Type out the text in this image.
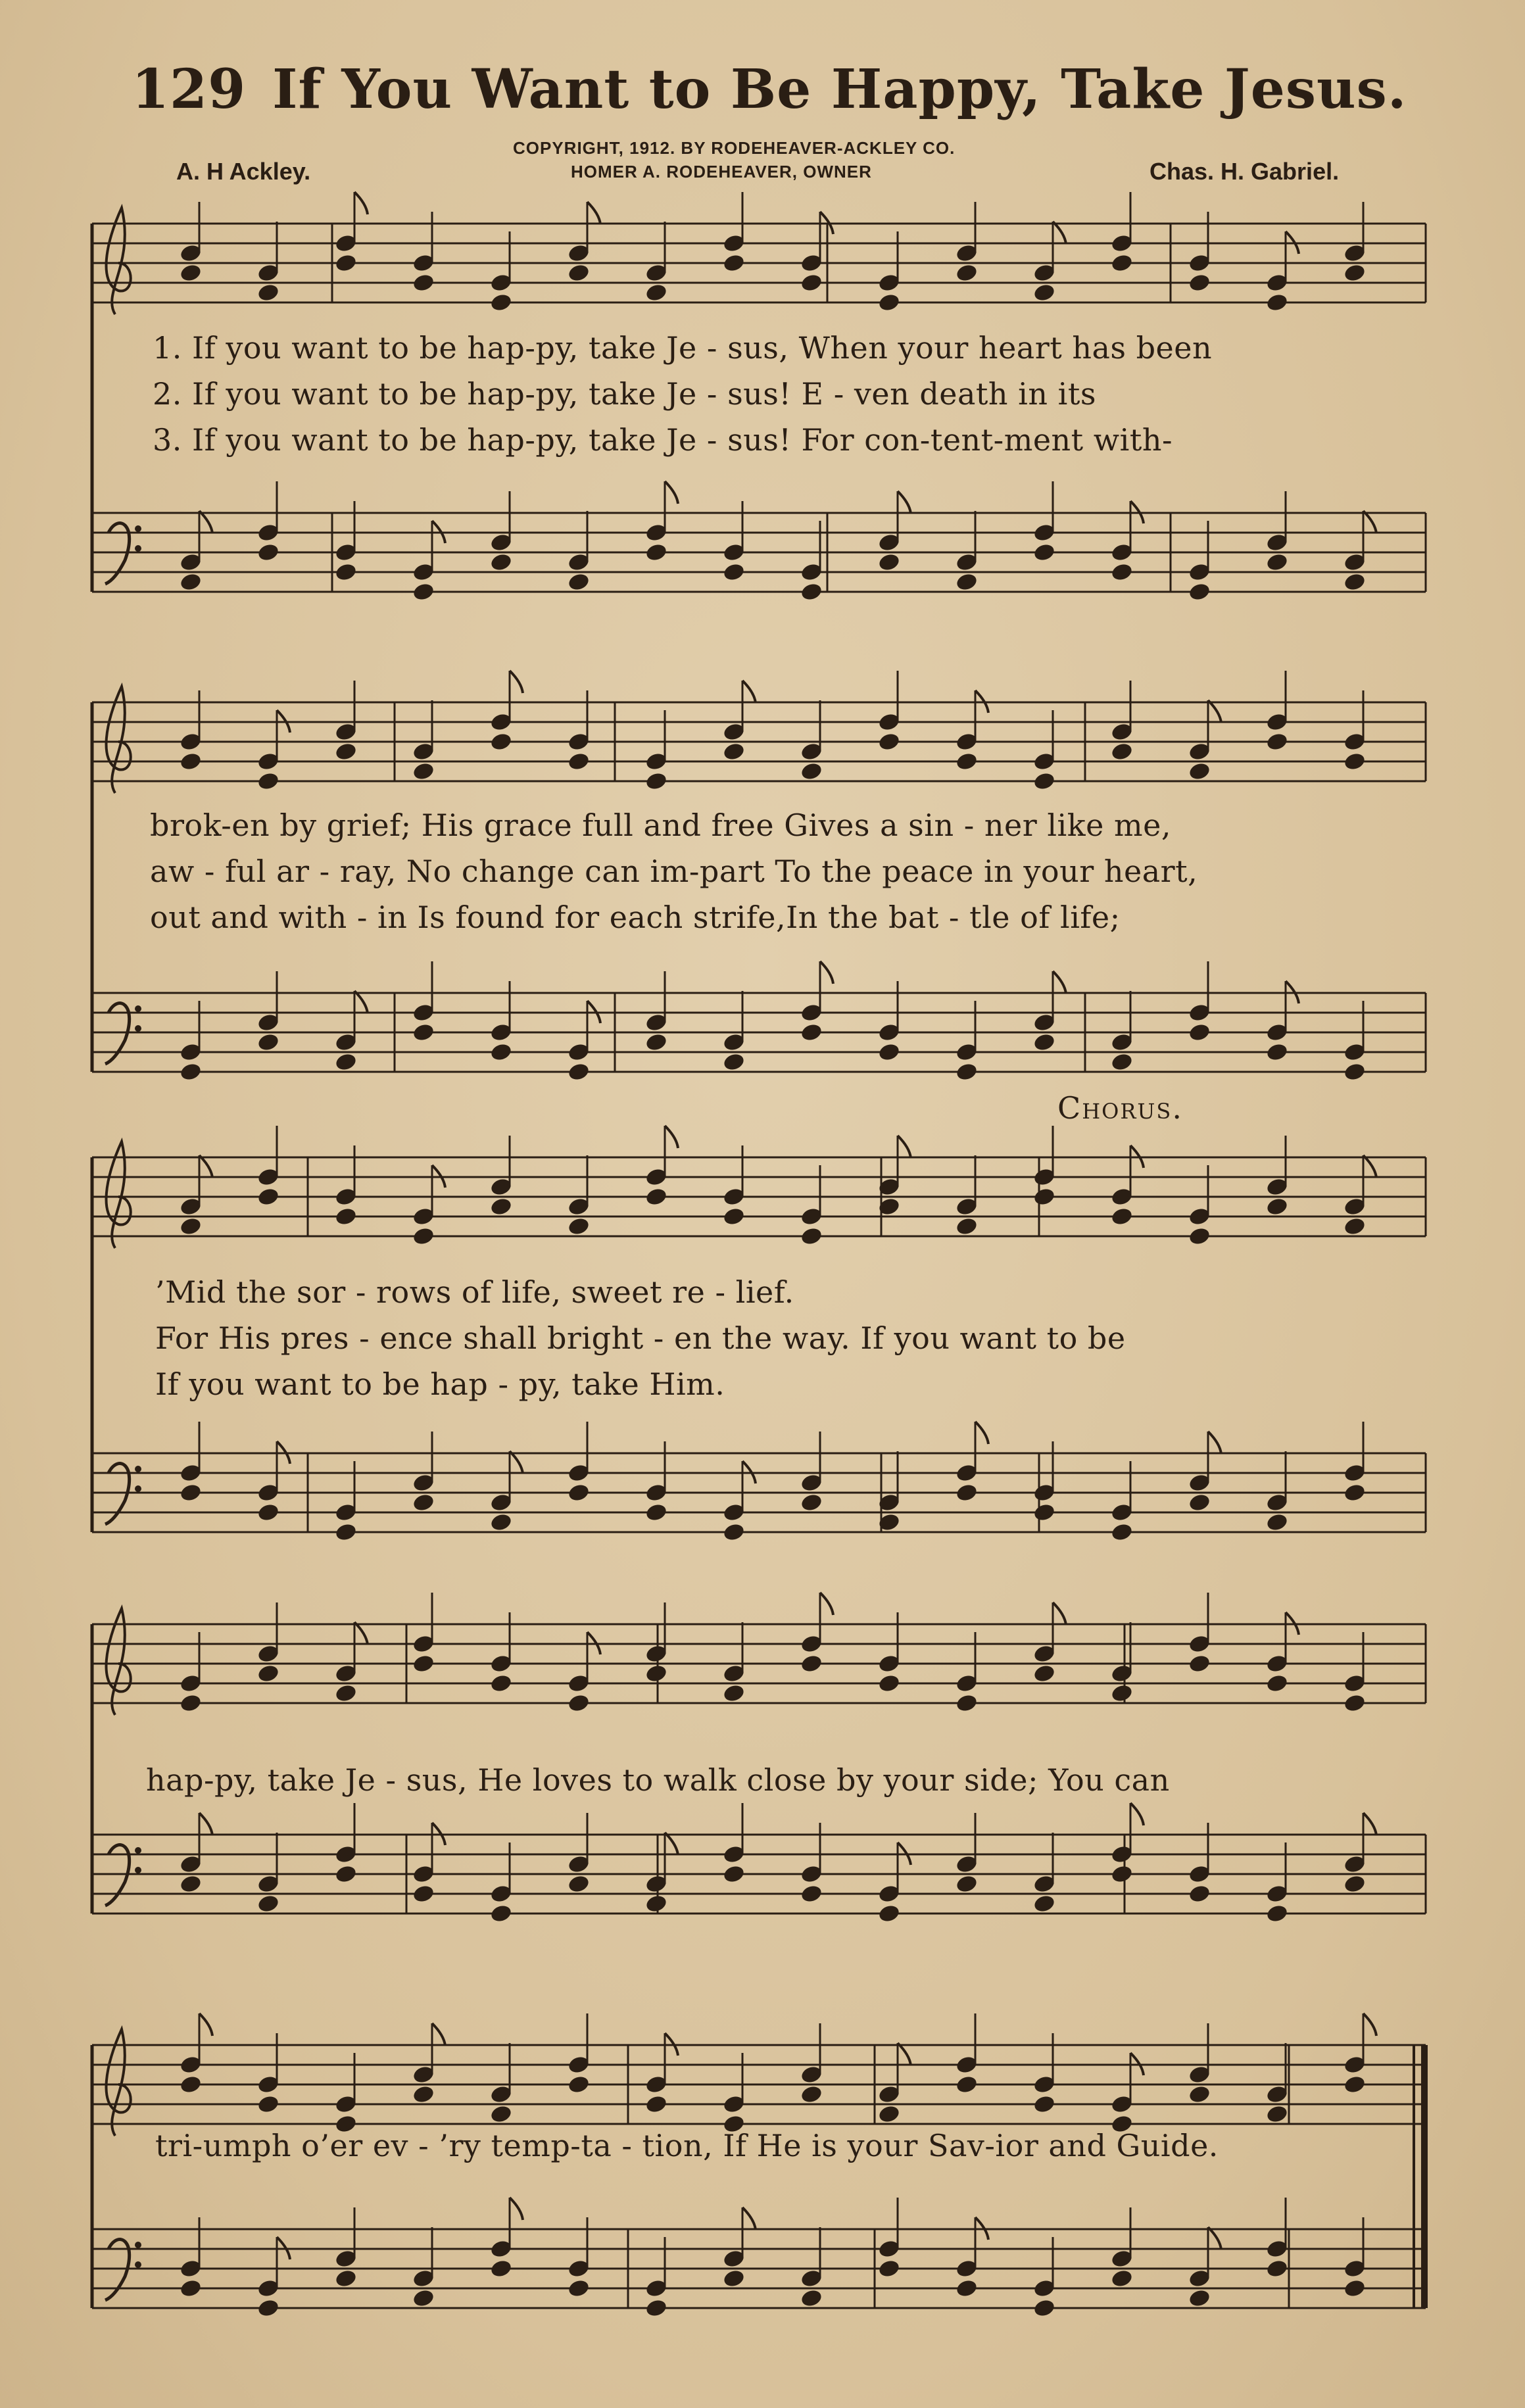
129 If You Want to Be Happy, Take Jesus.
COPYRIGHT, 1912. BY RODEHEAVER-ACKLEY CO.
HOMER A. RODEHEAVER, OWNER
A. H Ackley.	Chas. H. Gabriel.
1. If you want to be hap-py, take Je - sus, When your heart has been
2. If you want to be hap-py, take Je - sus! E - ven death in its
3. If you want to be hap-py, take Je - sus! For con-tent-ment with-
brok-en by grief; His grace full and free Gives a sin - ner like me,
aw - ful ar - ray, No change can im-part To the peace in your heart,
out and with - in Is found for each strife,In the bat - tle of life;
Chorus.
’Mid the sor - rows of life, sweet re - lief.
For His pres - ence shall bright - en the way. If you want to be
If you want to be hap - py, take Him.
hap-py, take Je - sus, He loves to walk close by your side; You can
tri-umph o’er ev - ’ry temp-ta - tion, If He is your Sav-ior and Guide.
